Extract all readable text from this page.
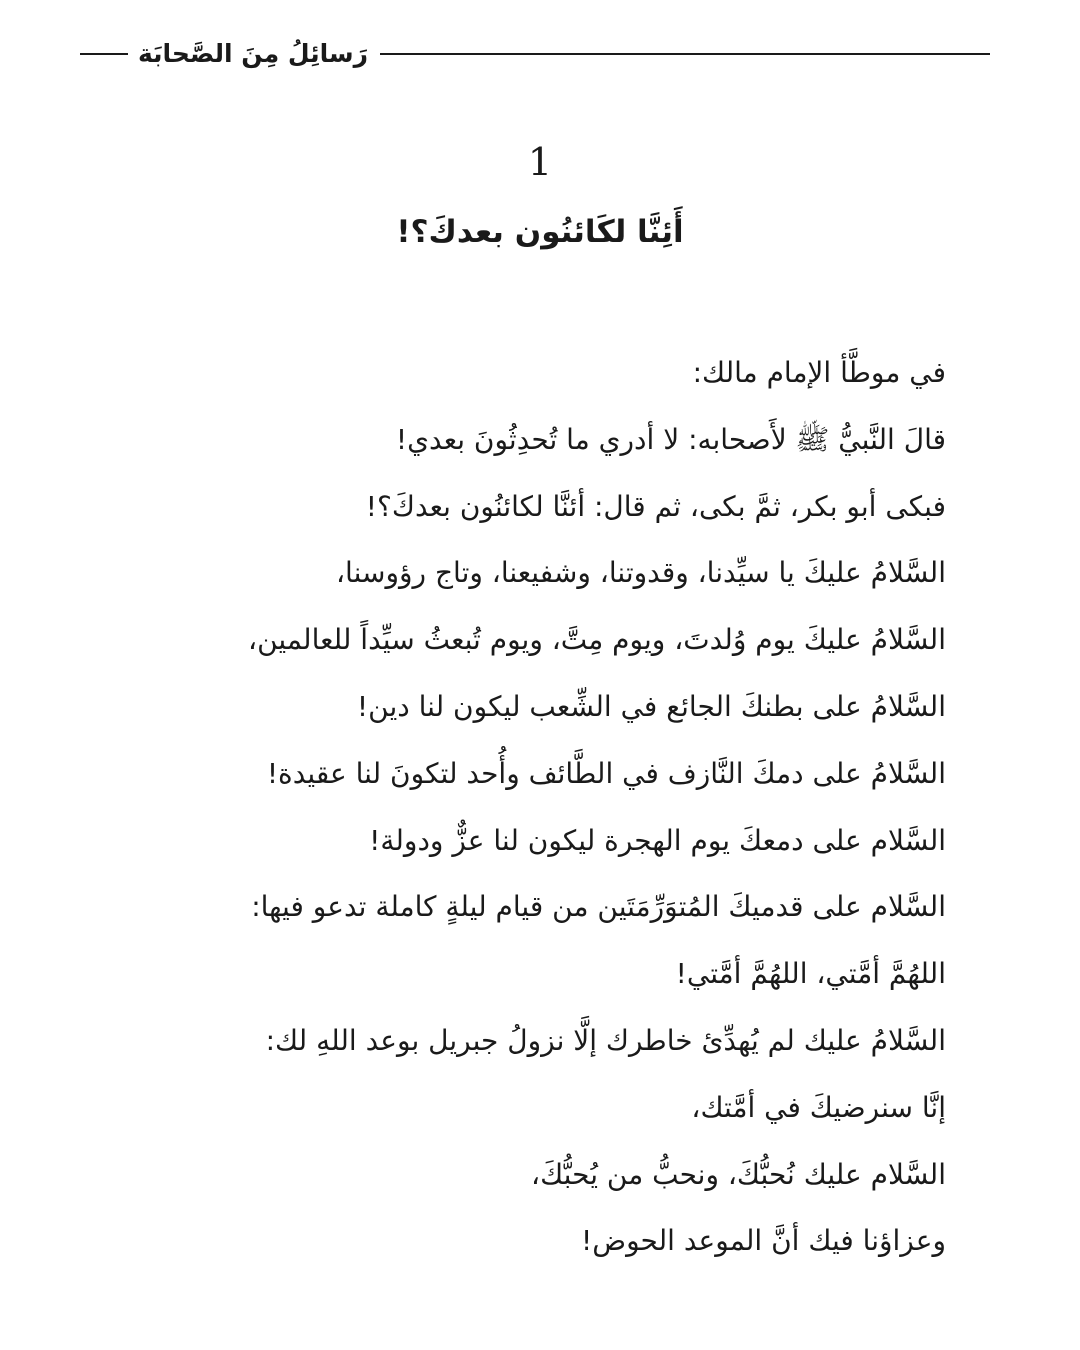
رَسائِلُ مِنَ الصَّحابَة
1
أَئِنَّا لكَائنُون بعدكَ؟!
في موطَّأ الإمام مالك:
قالَ النَّبيُّ ﷺ لأَصحابه: لا أدري ما تُحدِثُونَ بعدي!
فبكى أبو بكر، ثمَّ بكى، ثم قال: أئنَّا لكائنُون بعدكَ؟!
السَّلامُ عليكَ يا سيِّدنا، وقدوتنا، وشفيعنا، وتاج رؤوسنا،
السَّلامُ عليكَ يوم وُلدتَ، ويوم مِتَّ، ويوم تُبعثُ سيِّداً للعالمين،
السَّلامُ على بطنكَ الجائع في الشِّعب ليكون لنا دين!
السَّلامُ على دمكَ النَّازف في الطَّائف وأُحد لتكونَ لنا عقيدة!
السَّلام على دمعكَ يوم الهجرة ليكون لنا عزٌّ ودولة!
السَّلام على قدميكَ المُتوَرِّمَتَين من قيام ليلةٍ كاملة تدعو فيها:
اللهُمَّ أمَّتي، اللهُمَّ أمَّتي!
السَّلامُ عليك لم يُهدِّئ خاطرك إلَّا نزولُ جبريل بوعد اللهِ لك:
إنَّا سنرضيكَ في أمَّتك،
السَّلام عليك نُحبُّكَ، ونحبُّ من يُحبُّكَ،
وعزاؤنا فيك أنَّ الموعد الحوض!
